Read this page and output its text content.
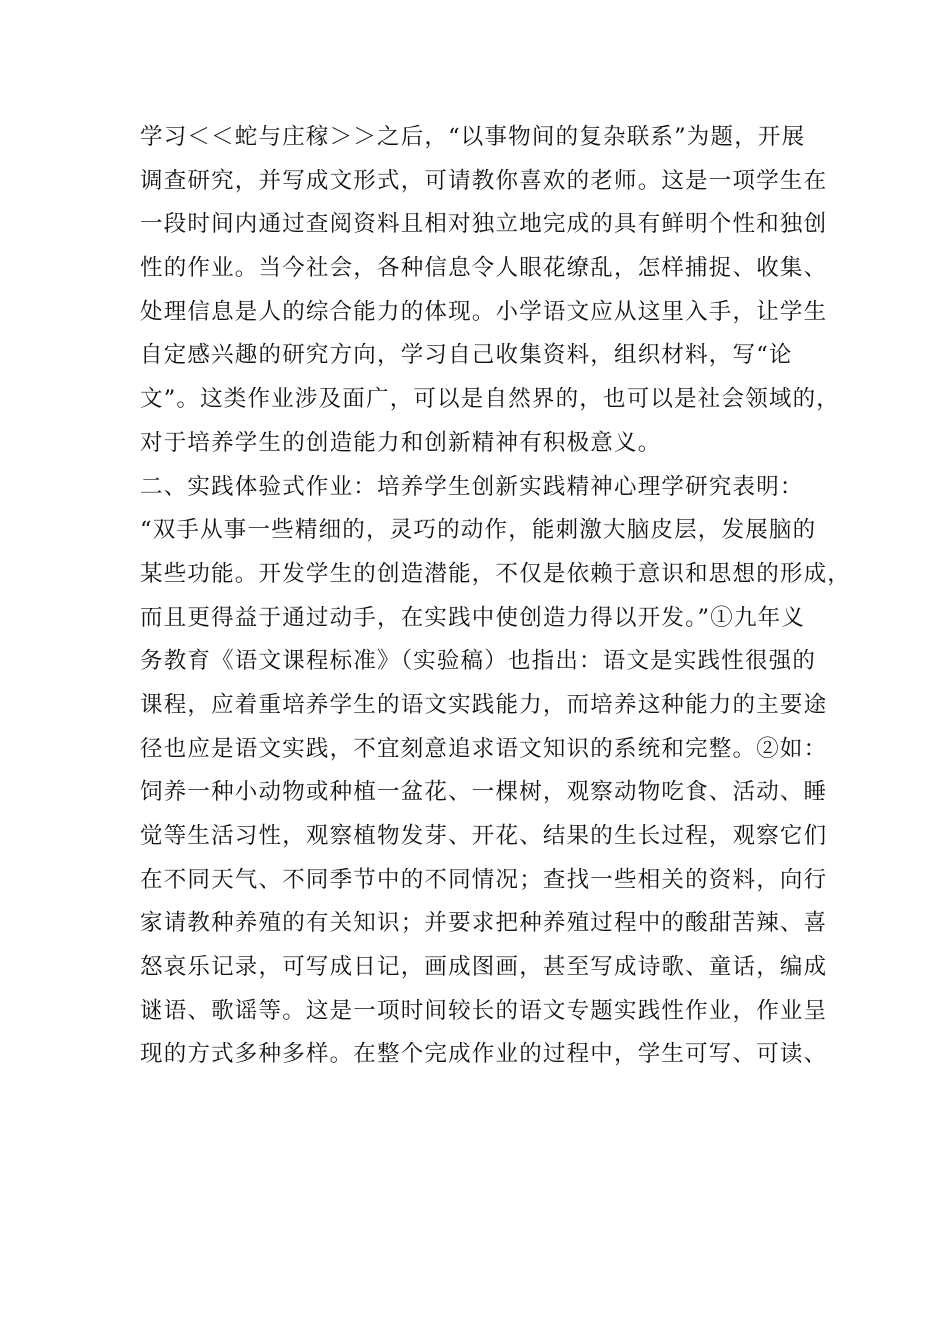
学习＜＜蛇与庄稼＞＞之后，“以事物间的复杂联系”为题，开展
调查研究，并写成文形式，可请教你喜欢的老师。这是一项学生在
一段时间内通过查阅资料且相对独立地完成的具有鲜明个性和独创
性的作业。当今社会，各种信息令人眼花缭乱，怎样捕捉、收集、
处理信息是人的综合能力的体现。小学语文应从这里入手，让学生
自定感兴趣的研究方向，学习自己收集资料，组织材料，写“论
文”。这类作业涉及面广，可以是自然界的，也可以是社会领域的，
对于培养学生的创造能力和创新精神有积极意义。
二、实践体验式作业：培养学生创新实践精神心理学研究表明：
“双手从事一些精细的，灵巧的动作，能刺激大脑皮层，发展脑的
某些功能。开发学生的创造潜能，不仅是依赖于意识和思想的形成，
而且更得益于通过动手，在实践中使创造力得以开发。”①九年义
务教育《语文课程标准》（实验稿）也指出：语文是实践性很强的
课程，应着重培养学生的语文实践能力，而培养这种能力的主要途
径也应是语文实践，不宜刻意追求语文知识的系统和完整。②如：
饲养一种小动物或种植一盆花、一棵树，观察动物吃食、活动、睡
觉等生活习性，观察植物发芽、开花、结果的生长过程，观察它们
在不同天气、不同季节中的不同情况；查找一些相关的资料，向行
家请教种养殖的有关知识；并要求把种养殖过程中的酸甜苦辣、喜
怒哀乐记录，可写成日记，画成图画，甚至写成诗歌、童话，编成
谜语、歌谣等。这是一项时间较长的语文专题实践性作业，作业呈
现的方式多种多样。在整个完成作业的过程中，学生可写、可读、
